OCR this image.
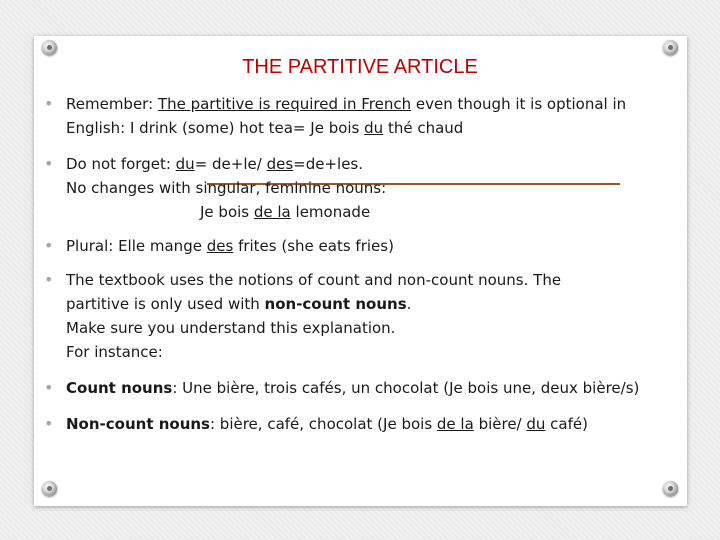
THE PARTITIVE ARTICLE
• Remember: The partitive is required in French even though it is optional in
English: I drink (some) hot tea= Je bois du thé chaud
• Do not forget: du= de+le/ des=de+les.
No changes with singular, feminine nouns:
Je bois de la lemonade
• Plural: Elle mange des frites (she eats fries)
• The textbook uses the notions of count and non-count nouns. The
partitive is only used with non-count nouns.
Make sure you understand this explanation.
For instance:
• Count nouns: Une bière, trois cafés, un chocolat (Je bois une, deux bière/s)
• Non-count nouns: bière, café, chocolat (Je bois de la bière/ du café)
